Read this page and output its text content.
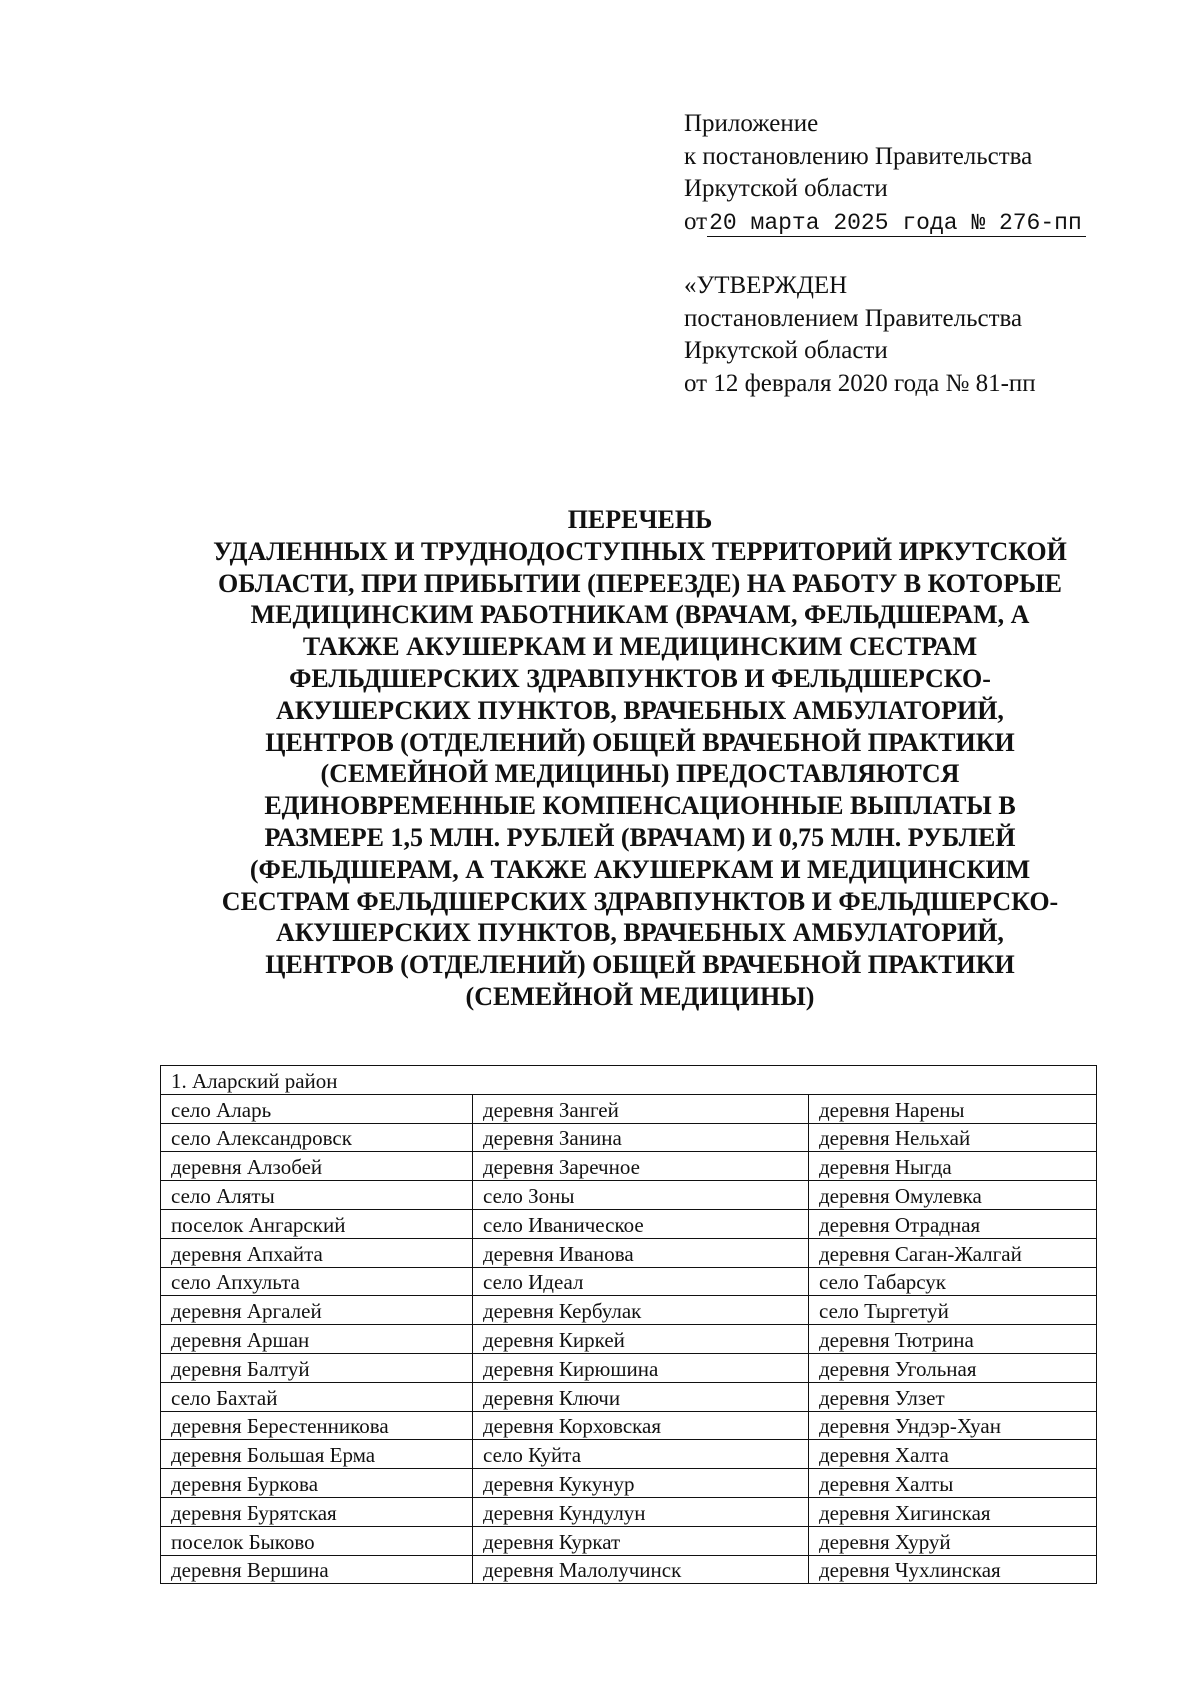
Приложение
к постановлению Правительства
Иркутской области
от20 марта 2025 года № 276-пп
«УТВЕРЖДЕН
постановлением Правительства
Иркутской области
от 12 февраля 2020 года № 81-пп
ПЕРЕЧЕНЬ
УДАЛЕННЫХ И ТРУДНОДОСТУПНЫХ ТЕРРИТОРИЙ ИРКУТСКОЙ
ОБЛАСТИ, ПРИ ПРИБЫТИИ (ПЕРЕЕЗДЕ) НА РАБОТУ В КОТОРЫЕ
МЕДИЦИНСКИМ РАБОТНИКАМ (ВРАЧАМ, ФЕЛЬДШЕРАМ, А
ТАКЖЕ АКУШЕРКАМ И МЕДИЦИНСКИМ СЕСТРАМ
ФЕЛЬДШЕРСКИХ ЗДРАВПУНКТОВ И ФЕЛЬДШЕРСКО-
АКУШЕРСКИХ ПУНКТОВ, ВРАЧЕБНЫХ АМБУЛАТОРИЙ,
ЦЕНТРОВ (ОТДЕЛЕНИЙ) ОБЩЕЙ ВРАЧЕБНОЙ ПРАКТИКИ
(СЕМЕЙНОЙ МЕДИЦИНЫ) ПРЕДОСТАВЛЯЮТСЯ
ЕДИНОВРЕМЕННЫЕ КОМПЕНСАЦИОННЫЕ ВЫПЛАТЫ В
РАЗМЕРЕ 1,5 МЛН. РУБЛЕЙ (ВРАЧАМ) И 0,75 МЛН. РУБЛЕЙ
(ФЕЛЬДШЕРАМ, А ТАКЖЕ АКУШЕРКАМ И МЕДИЦИНСКИМ
СЕСТРАМ ФЕЛЬДШЕРСКИХ ЗДРАВПУНКТОВ И ФЕЛЬДШЕРСКО-
АКУШЕРСКИХ ПУНКТОВ, ВРАЧЕБНЫХ АМБУЛАТОРИЙ,
ЦЕНТРОВ (ОТДЕЛЕНИЙ) ОБЩЕЙ ВРАЧЕБНОЙ ПРАКТИКИ
(СЕМЕЙНОЙ МЕДИЦИНЫ)
1. Аларский район		
село Аларь	деревня Зангей	деревня Нарены
село Александровск	деревня Занина	деревня Нельхай
деревня Алзобей	деревня Заречное	деревня Ныгда
село Аляты	село Зоны	деревня Омулевка
поселок Ангарский	село Иваническое	деревня Отрадная
деревня Апхайта	деревня Иванова	деревня Саган-Жалгай
село Апхульта	село Идеал	село Табарсук
деревня Аргалей	деревня Кербулак	село Тыргетуй
деревня Аршан	деревня Киркей	деревня Тютрина
деревня Балтуй	деревня Кирюшина	деревня Угольная
село Бахтай	деревня Ключи	деревня Улзет
деревня Берестенникова	деревня Корховская	деревня Ундэр-Хуан
деревня Большая Ерма	село Куйта	деревня Халта
деревня Буркова	деревня Кукунур	деревня Халты
деревня Бурятская	деревня Кундулун	деревня Хигинская
поселок Быково	деревня Куркат	деревня Хуруй
деревня Вершина	деревня Малолучинск	деревня Чухлинская
